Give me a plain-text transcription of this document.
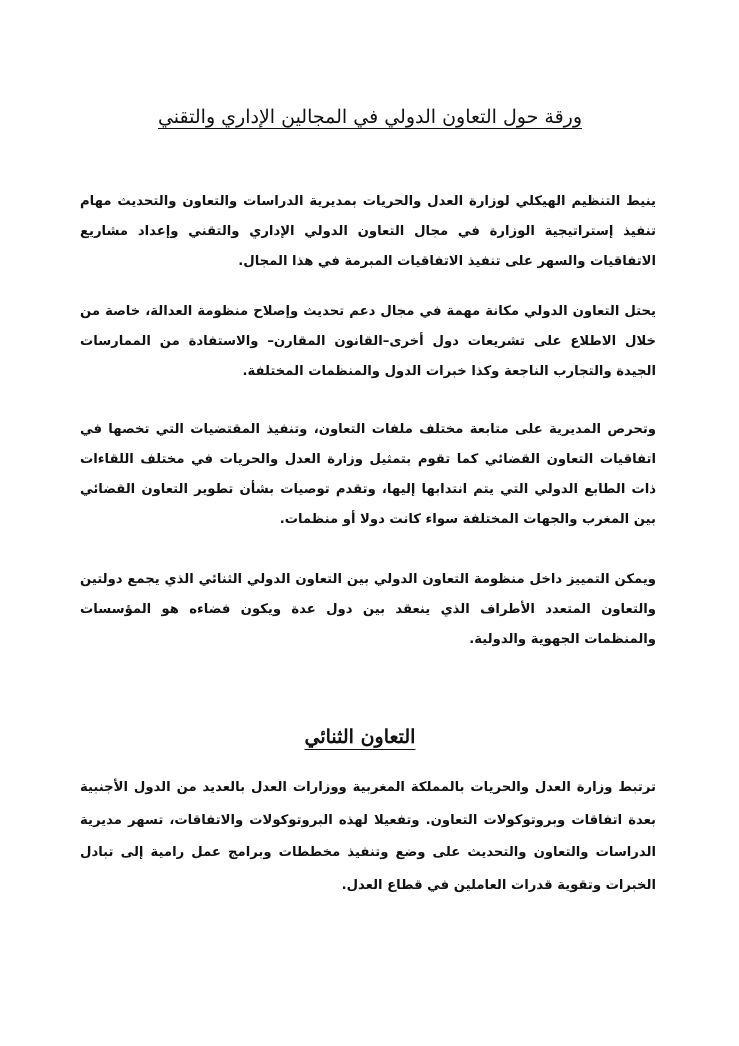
ورقة حول التعاون الدولي في المجالين الإداري والتقني

ينيط التنظيم الهيكلي لوزارة العدل والحريات بمديرية الدراسات والتعاون والتحديث مهام تنفيذ إستراتيجية الوزارة في مجال التعاون الدولي الإداري والتقني وإعداد مشاريع الاتفاقيات والسهر على تنفيذ الاتفاقيات المبرمة في هذا المجال.

يحتل التعاون الدولي مكانة مهمة في مجال دعم تحديث وإصلاح منظومة العدالة، خاصة من خلال الاطلاع على تشريعات دول أخرى–القانون المقارن– والاستفادة من الممارسات الجيدة والتجارب الناجعة وكذا خبرات الدول والمنظمات المختلفة.

وتحرص المديرية على متابعة مختلف ملفات التعاون، وتنفيذ المقتضيات التي تخصها في اتفاقيات التعاون القضائي كما تقوم بتمثيل وزارة العدل والحريات في مختلف اللقاءات ذات الطابع الدولي التي يتم انتدابها إليها، وتقدم توصيات بشأن تطوير التعاون القضائي بين المغرب والجهات المختلفة سواء كانت دولا أو منظمات.

ويمكن التمييز داخل منظومة التعاون الدولي بين التعاون الدولي الثنائي الذي يجمع دولتين والتعاون المتعدد الأطراف الذي ينعقد بين دول عدة ويكون فضاءه هو المؤسسات والمنظمات الجهوية والدولية.

التعاون الثنائي

ترتبط وزارة العدل والحريات بالمملكة المغربية ووزارات العدل بالعديد من الدول الأجنبية بعدة اتفاقات وبروتوكولات التعاون. وتفعيلا لهذه البروتوكولات والاتفاقات، تسهر مديرية الدراسات والتعاون والتحديث على وضع وتنفيذ مخططات وبرامج عمل رامية إلى تبادل الخبرات وتقوية قدرات العاملين في قطاع العدل.
